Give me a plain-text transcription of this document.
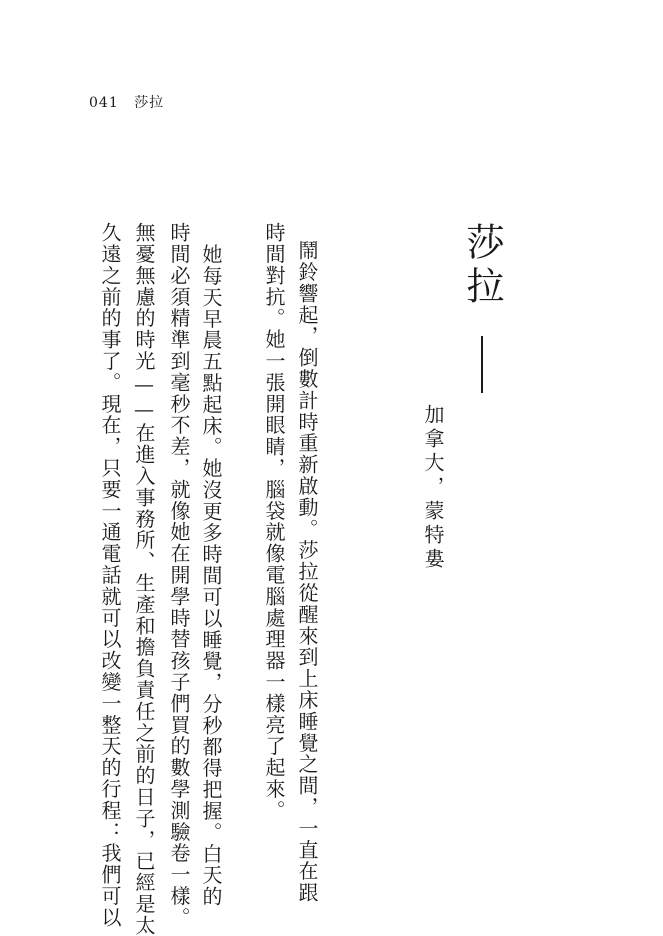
041 莎拉
莎拉
加拿大，蒙特婁
鬧鈴響起，倒數計時重新啟動。莎拉從醒來到上床睡覺之間，一直在跟
時間對抗。她一張開眼睛，腦袋就像電腦處理器一樣亮了起來。
她每天早晨五點起床。她沒更多時間可以睡覺，分秒都得把握。白天的
時間必須精準到毫秒不差，就像她在開學時替孩子們買的數學測驗卷一樣。
無憂無慮的時光——在進入事務所、生產和擔負責任之前的日子，已經是太
久遠之前的事了。現在，只要一通電話就可以改變一整天的行程：我們可以
